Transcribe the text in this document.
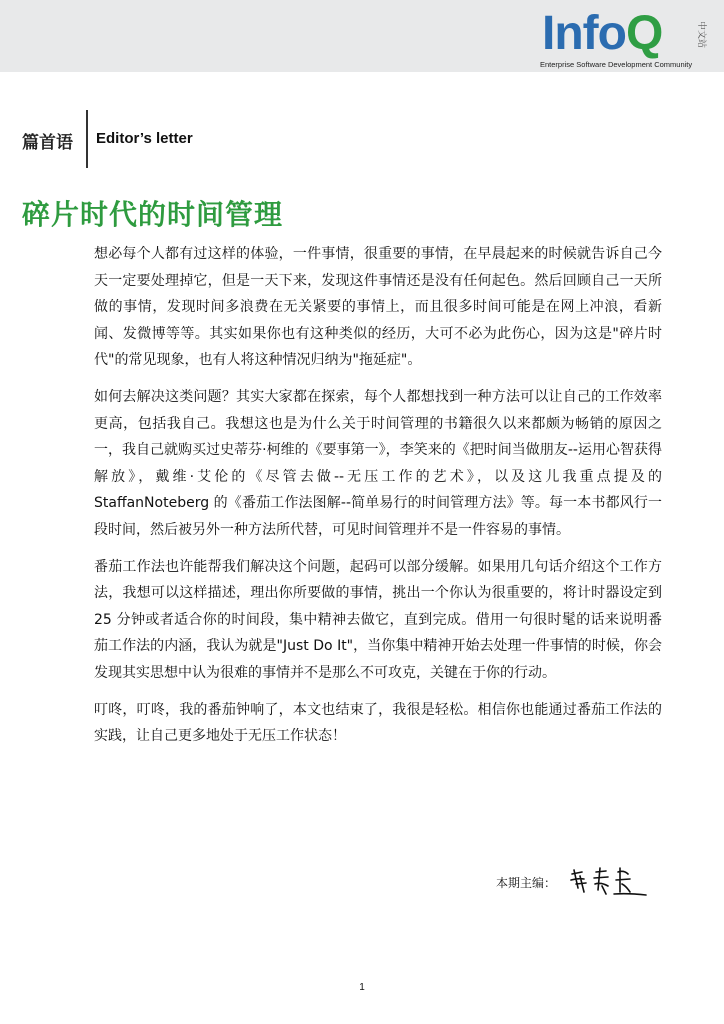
InfoQ	中文站
Enterprise Software Development Community
篇首语 Editor’s letter
碎片时代的时间管理

想必每个人都有过这样的体验，一件事情，很重要的事情，在早晨起来的时候就告诉自己今天一定要处理掉它，但是一天下来，发现这件事情还是没有任何起色。然后回顾自己一天所做的事情，发现时间多浪费在无关紧要的事情上，而且很多时间可能是在网上冲浪，看新闻、发微博等等。其实如果你也有这种类似的经历，大可不必为此伤心，因为这是"碎片时代"的常见现象，也有人将这种情况归纳为"拖延症"。

如何去解决这类问题？其实大家都在探索，每个人都想找到一种方法可以让自己的工作效率更高，包括我自己。我想这也是为什么关于时间管理的书籍很久以来都颇为畅销的原因之一，我自己就购买过史蒂芬·柯维的《要事第一》，李笑来的《把时间当做朋友--运用心智获得解放》，戴维·艾伦的《尽管去做--无压工作的艺术》，以及这儿我重点提及的StaffanNoteberg 的《番茄工作法图解--简单易行的时间管理方法》等。每一本书都风行一段时间，然后被另外一种方法所代替，可见时间管理并不是一件容易的事情。

番茄工作法也许能帮我们解决这个问题，起码可以部分缓解。如果用几句话介绍这个工作方法，我想可以这样描述，理出你所要做的事情，挑出一个你认为很重要的，将计时器设定到 25 分钟或者适合你的时间段，集中精神去做它，直到完成。借用一句很时髦的话来说明番茄工作法的内涵，我认为就是"Just Do It"，当你集中精神开始去处理一件事情的时候，你会发现其实思想中认为很难的事情并不是那么不可攻克，关键在于你的行动。

叮咚，叮咚，我的番茄钟响了，本文也结束了，我很是轻松。相信你也能通过番茄工作法的实践，让自己更多地处于无压工作状态！

本期主编：
1
